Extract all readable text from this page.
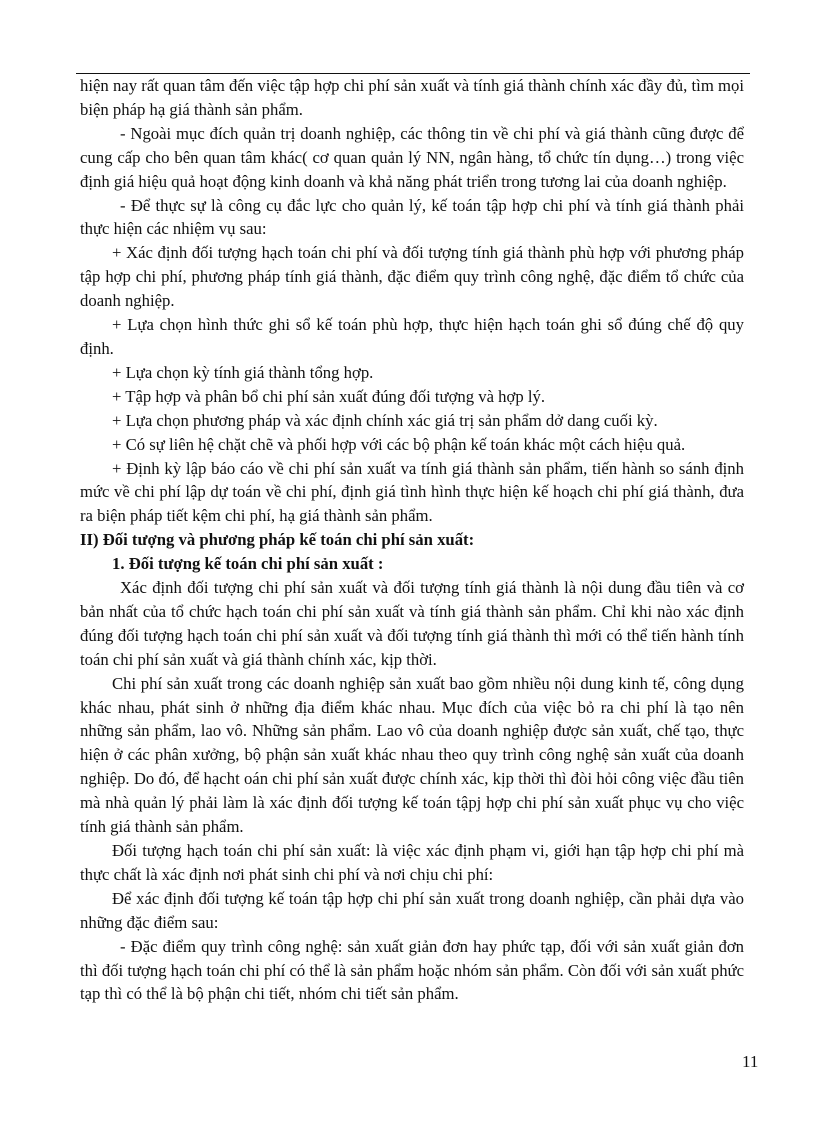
hiện nay rất quan tâm đến việc tập hợp chi phí sản xuất và tính giá thành chính xác đầy đủ, tìm mọi biện pháp hạ giá thành sản phẩm.

- Ngoài mục đích quản trị doanh nghiệp, các thông tin về chi phí và giá thành cũng được để cung cấp cho bên quan tâm khác( cơ quan quản lý NN, ngân hàng, tổ chức tín dụng…) trong việc định giá hiệu quả hoạt động kinh doanh và khả năng phát triển trong tương lai của doanh nghiệp.

- Để thực sự là công cụ đắc lực cho quản lý, kế toán tập hợp chi phí và tính giá thành phải thực hiện các nhiệm vụ sau:

+ Xác định đối tượng hạch toán chi phí và đối tượng tính giá thành phù hợp với phương pháp tập hợp chi phí, phương pháp tính giá thành, đặc điểm quy trình công nghệ, đặc điểm tổ chức của doanh nghiệp.

+ Lựa chọn hình thức ghi sổ kế toán phù hợp, thực hiện hạch toán ghi sổ đúng chế độ quy định.

+ Lựa chọn kỳ tính giá thành tổng hợp.

+ Tập hợp và phân bổ chi phí sản xuất đúng đối tượng và hợp lý.

+ Lựa chọn phương pháp và xác định chính xác giá trị sản phẩm dở dang cuối kỳ.

+ Có sự liên hệ chặt chẽ và phối hợp với các bộ phận kế toán khác một cách hiệu quả.

+ Định kỳ lập báo cáo về chi phí sản xuất va tính giá thành sản phẩm, tiến hành so sánh định mức về chi phí lập dự toán về chi phí, định giá tình hình thực hiện kế hoạch chi phí giá thành, đưa ra biện pháp tiết kệm chi phí, hạ giá thành sản phẩm.

II) Đối tượng và phương pháp kế toán chi phí sản xuất:

1. Đối tượng kế toán chi phí sản xuất :

Xác định đối tượng chi phí sản xuất và đối tượng tính giá thành là nội dung đầu tiên và cơ bản nhất của tổ chức hạch toán chi phí sản xuất và tính giá thành sản phẩm. Chỉ khi nào xác định đúng đối tượng hạch toán chi phí sản xuất và đối tượng tính giá thành thì mới có thể tiến hành tính toán chi phí sản xuất và giá thành chính xác, kịp thời.

Chi phí sản xuất trong các doanh nghiệp sản xuất bao gồm nhiều nội dung kinh tế, công dụng khác nhau, phát sinh ở những địa điểm khác nhau. Mục đích của việc bỏ ra chi phí là tạo nên những sản phẩm, lao vô. Những sản phẩm. Lao vô của doanh nghiệp được sản xuất, chế tạo, thực hiện ở các phân xưởng, bộ phận sản xuất khác nhau theo quy trình công nghệ sản xuất của doanh nghiệp. Do đó, để hạcht oán chi phí sản xuất được chính xác, kịp thời thì đòi hỏi công việc đầu tiên mà nhà quản lý phải làm là xác định đối tượng kế toán tậpj hợp chi phí sản xuất phục vụ cho việc tính giá thành sản phẩm.

Đối tượng hạch toán chi phí sản xuất: là việc xác định phạm vi, giới hạn tập hợp chi phí mà thực chất là xác định nơi phát sinh chi phí và nơi chịu chi phí:

Để xác định đối tượng kế toán tập hợp chi phí sản xuất trong doanh nghiệp, cần phải dựa vào những đặc điểm sau:

- Đặc điểm quy trình công nghệ: sản xuất giản đơn hay phức tạp, đối với sản xuất giản đơn thì đối tượng hạch toán chi phí có thể là sản phẩm hoặc nhóm sản phẩm. Còn đối với sản xuất phức tạp thì có thể là bộ phận chi tiết, nhóm chi tiết sản phẩm.

11
